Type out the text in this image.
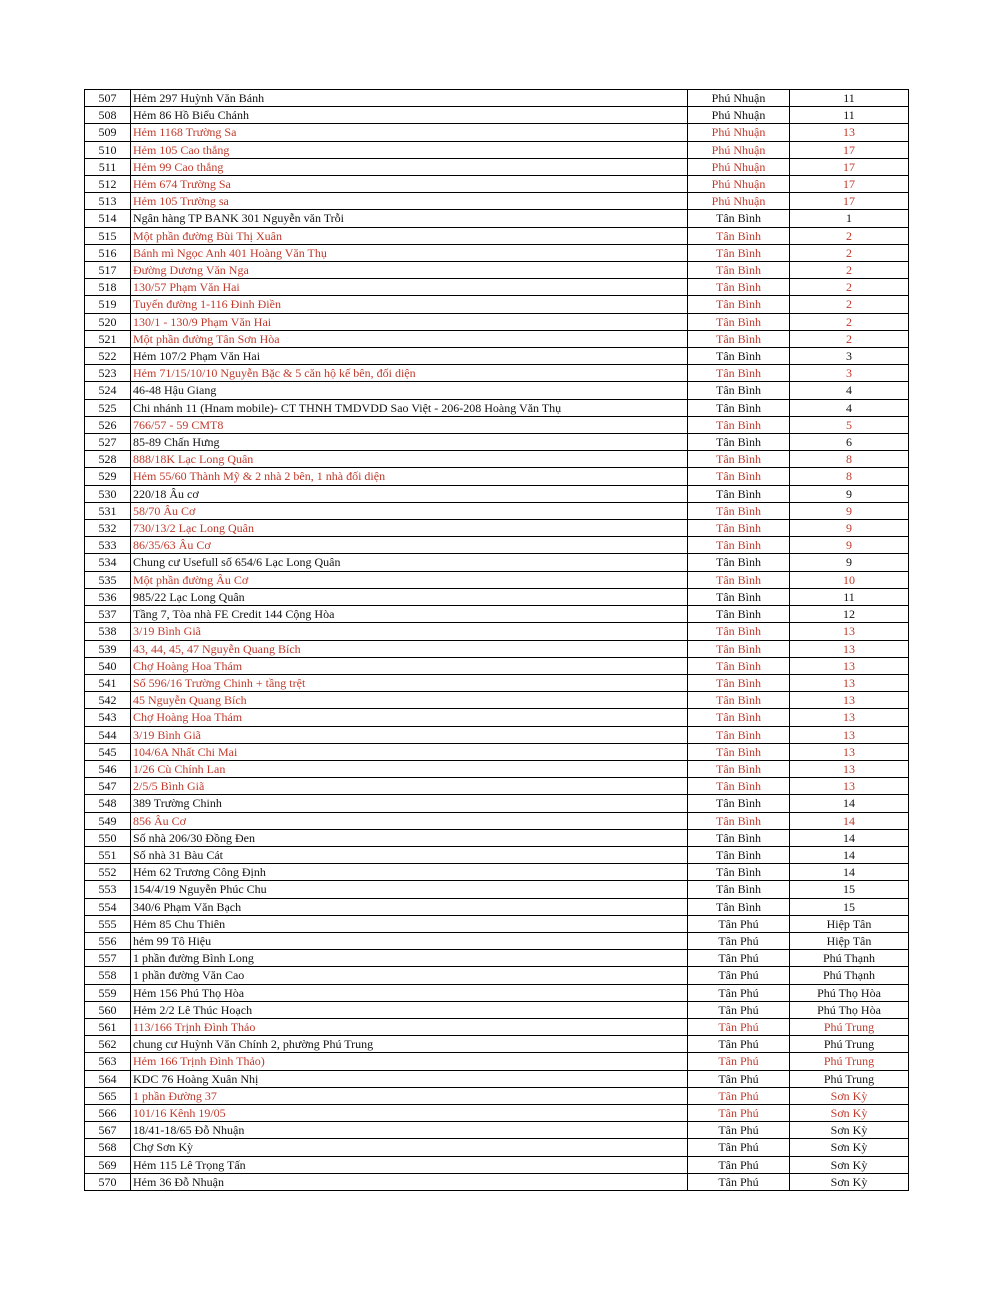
507	Hẻm 297 Huỳnh Văn Bánh	Phú Nhuận	11
508	Hẻm 86 Hồ Biểu Chánh	Phú Nhuận	11
509	Hẻm 1168 Trường Sa	Phú Nhuận	13
510	Hẻm 105 Cao thắng	Phú Nhuận	17
511	Hẻm 99 Cao thắng	Phú Nhuận	17
512	Hẻm 674 Trường Sa	Phú Nhuận	17
513	Hẻm 105 Trường sa	Phú Nhuận	17
514	Ngân hàng TP BANK 301 Nguyễn văn Trỗi	Tân Bình	1
515	Một phần đường Bùi Thị Xuân	Tân Bình	2
516	Bánh mì Ngọc Anh 401 Hoàng Văn Thụ	Tân Bình	2
517	Đường Dương Văn Nga	Tân Bình	2
518	130/57 Phạm Văn Hai	Tân Bình	2
519	Tuyến đường 1-116 Đinh Điền	Tân Bình	2
520	130/1 - 130/9 Phạm Văn Hai	Tân Bình	2
521	Một phần đường Tân Sơn Hòa	Tân Bình	2
522	Hẻm 107/2 Phạm Văn Hai	Tân Bình	3
523	Hẻm 71/15/10/10 Nguyễn Bặc & 5 căn hộ kế bên, đối diện	Tân Bình	3
524	46-48 Hậu Giang	Tân Bình	4
525	Chi nhánh 11 (Hnam mobile)- CT THNH TMDVDD Sao Việt - 206-208 Hoàng Văn Thụ	Tân Bình	4
526	766/57 - 59 CMT8	Tân Bình	5
527	85-89 Chấn Hưng	Tân Bình	6
528	888/18K Lạc Long Quân	Tân Bình	8
529	Hẻm 55/60 Thành Mỹ & 2 nhà 2 bên, 1 nhà đối diện	Tân Bình	8
530	220/18 Âu cơ	Tân Bình	9
531	58/70 Âu Cơ	Tân Bình	9
532	730/13/2 Lạc Long Quân	Tân Bình	9
533	86/35/63 Âu Cơ	Tân Bình	9
534	Chung cư Usefull số 654/6 Lạc Long Quân	Tân Bình	9
535	Một phần đường Âu Cơ	Tân Bình	10
536	985/22 Lạc Long Quân	Tân Bình	11
537	Tầng 7, Tòa nhà FE Credit 144 Cộng Hòa	Tân Bình	12
538	3/19 Bình Giã	Tân Bình	13
539	43, 44, 45, 47 Nguyễn Quang Bích	Tân Bình	13
540	Chợ Hoàng Hoa Thám	Tân Bình	13
541	Số 596/16 Trường Chinh + tầng trệt	Tân Bình	13
542	45 Nguyễn Quang Bích	Tân Bình	13
543	Chợ Hoàng Hoa Thám	Tân Bình	13
544	3/19 Bình Giã	Tân Bình	13
545	104/6A Nhất Chi Mai	Tân Bình	13
546	1/26 Cù Chính Lan	Tân Bình	13
547	2/5/5 Bình Giã	Tân Bình	13
548	389 Trường Chinh	Tân Bình	14
549	856 Âu Cơ	Tân Bình	14
550	Số nhà 206/30 Đồng Đen	Tân Bình	14
551	Số nhà 31 Bàu Cát	Tân Bình	14
552	Hẻm 62 Trương Công Định	Tân Bình	14
553	154/4/19 Nguyễn Phúc Chu	Tân Bình	15
554	340/6 Phạm Văn Bạch	Tân Bình	15
555	Hẻm 85 Chu Thiên	Tân Phú	Hiệp Tân
556	hẻm 99 Tô Hiệu	Tân Phú	Hiệp Tân
557	1 phần đường Bình Long	Tân Phú	Phú Thạnh
558	1 phần đường Văn Cao	Tân Phú	Phú Thạnh
559	Hẻm 156 Phú Thọ Hòa	Tân Phú	Phú Thọ Hòa
560	Hẻm 2/2 Lê Thúc Hoạch	Tân Phú	Phú Thọ Hòa
561	113/166 Trịnh Đình Thảo	Tân Phú	Phú Trung
562	chung cư Huỳnh Văn Chính 2, phường Phú Trung	Tân Phú	Phú Trung
563	Hẻm 166 Trịnh Đình Thảo)	Tân Phú	Phú Trung
564	KDC 76 Hoàng Xuân Nhị	Tân Phú	Phú Trung
565	1 phần Đường 37	Tân Phú	Sơn Kỳ
566	101/16 Kênh 19/05	Tân Phú	Sơn Kỳ
567	18/41-18/65 Đỗ Nhuận	Tân Phú	Sơn Kỳ
568	Chợ Sơn Kỳ	Tân Phú	Sơn Kỳ
569	Hẻm 115 Lê Trọng Tấn	Tân Phú	Sơn Kỳ
570	Hẻm 36 Đỗ Nhuận	Tân Phú	Sơn Kỳ
